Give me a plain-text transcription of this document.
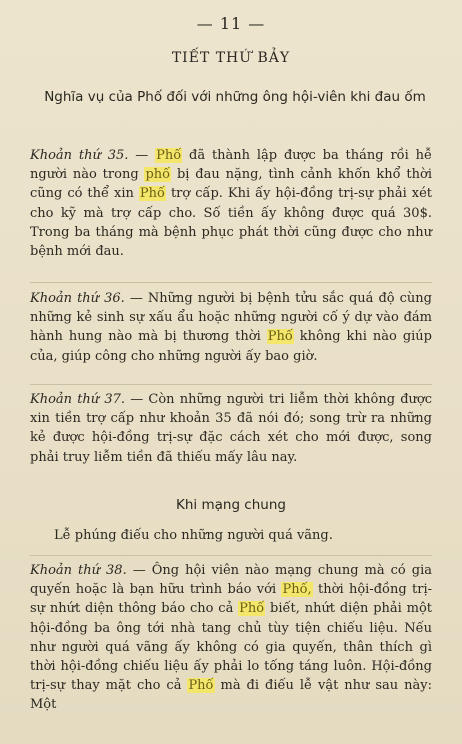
— 11 —
TIẾT THỨ BẢY
Nghĩa vụ của Phố đối với những ông hội-viên khi đau ốm
Khoản thứ 35. — Phố đã thành lập được ba tháng rồi hễ người nào trong phố bị đau nặng, tình cảnh khốn khổ thời cũng có thể xin Phố trợ cấp. Khi ấy hội-đồng trị-sự phải xét cho kỹ mà trợ cấp cho. Số tiền ấy không được quá 30$. Trong ba tháng mà bệnh phục phát thời cũng được cho như bệnh mới đau.
Khoản thứ 36. — Những người bị bệnh tửu sắc quá độ cùng những kẻ sinh sự xấu ẩu hoặc những người cố ý dự vào đám hành hung nào mà bị thương thời Phố không khi nào giúp của, giúp công cho những người ấy bao giờ.
Khoản thứ 37. — Còn những người tri liễm thời không được xin tiền trợ cấp như khoản 35 đã nói đó; song trừ ra những kẻ được hội-đồng trị-sự đặc cách xét cho mới được, song phải truy liễm tiền đã thiếu mấy lâu nay.
Khi mạng chung
Lễ phúng điếu cho những người quá vãng.
Khoản thứ 38. — Ông hội viên nào mạng chung mà có gia quyến hoặc là bạn hữu trình báo với Phố, thời hội-đồng trị-sự nhứt diện thông báo cho cả Phố biết, nhứt diện phải một hội-đồng ba ông tới nhà tang chủ tùy tiện chiếu liệu. Nếu như người quá vãng ấy không có gia quyến, thân thích gì thời hội-đồng chiếu liệu ấy phải lo tống táng luôn. Hội-đồng trị-sự thay mặt cho cả Phố mà đi điếu lễ vật như sau này: Một
